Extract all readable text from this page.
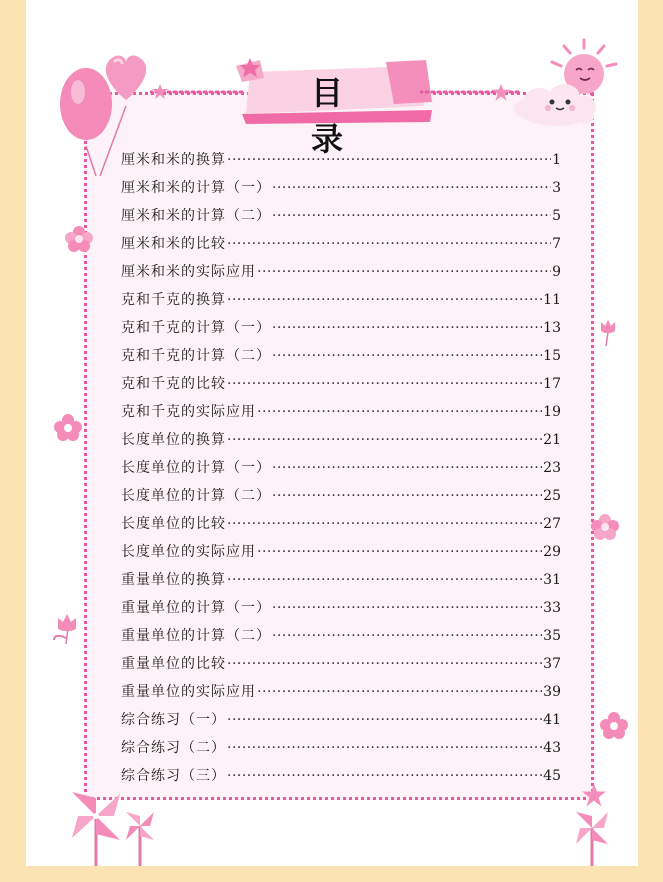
目 录
厘米和米的换算 ·····	1
厘米和米的计算（一） ·····	3
厘米和米的计算（二） ·····	5
厘米和米的比较 ·····	7
厘米和米的实际应用 ·····	9
克和千克的换算 ·····	11
克和千克的计算（一） ·····	13
克和千克的计算（二） ·····	15
克和千克的比较 ·····	17
克和千克的实际应用 ·····	19
长度单位的换算 ·····	21
长度单位的计算（一） ·····	23
长度单位的计算（二） ·····	25
长度单位的比较 ·····	27
长度单位的实际应用 ·····	29
重量单位的换算 ·····	31
重量单位的计算（一） ·····	33
重量单位的计算（二） ·····	35
重量单位的比较 ·····	37
重量单位的实际应用 ·····	39
综合练习（一） ·····	41
综合练习（二） ·····	43
综合练习（三） ·····	45
